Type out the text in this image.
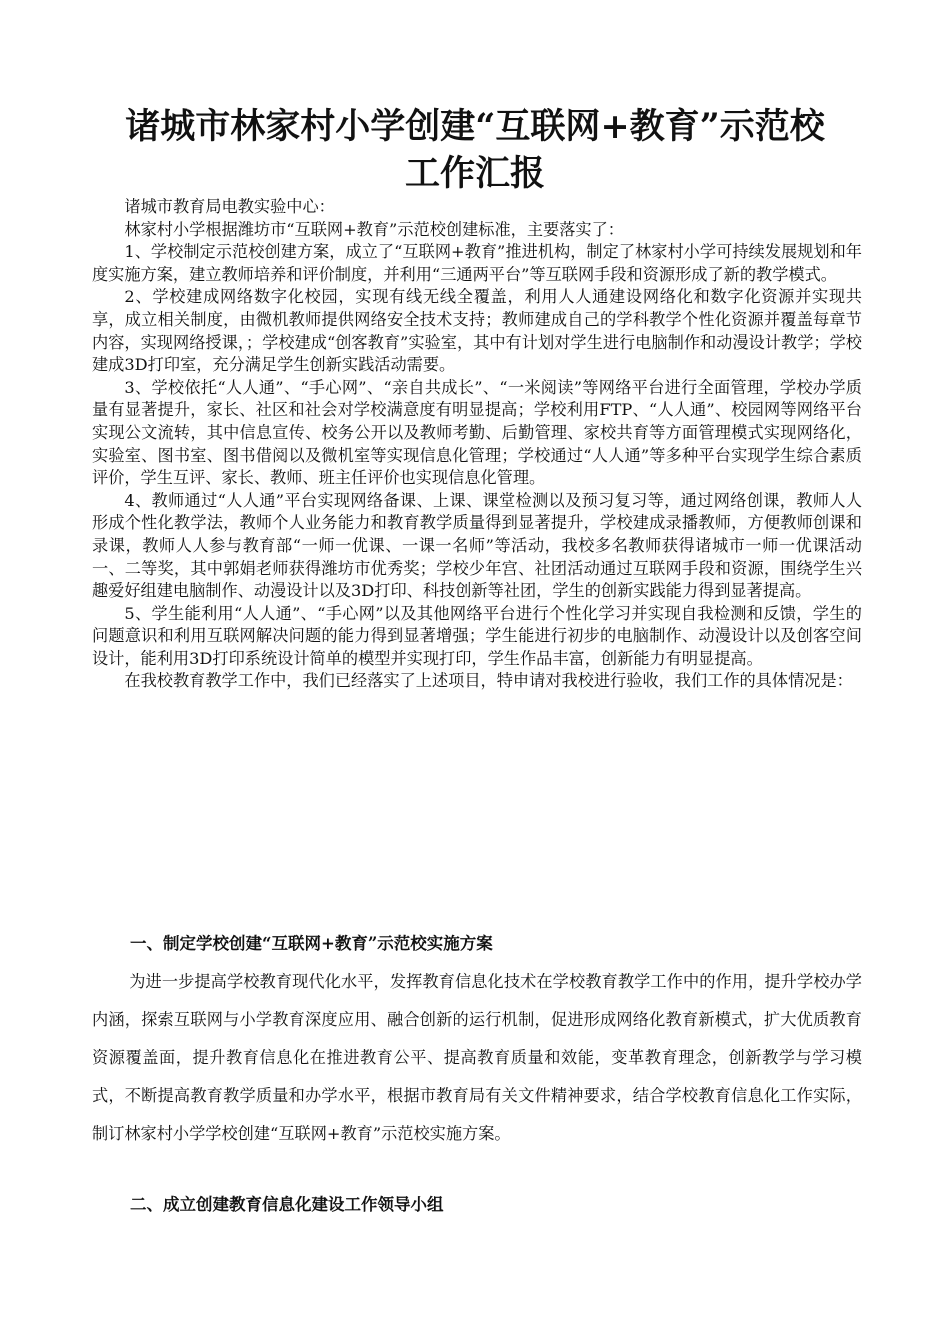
诸城市林家村小学创建“互联网+教育”示范校
工作汇报

诸城市教育局电教实验中心：

林家村小学根据潍坊市“互联网+教育”示范校创建标准，主要落实了：

1、学校制定示范校创建方案，成立了“互联网+教育”推进机构，制定了林家村小学可持续发展规划和年度实施方案，建立教师培养和评价制度，并利用“三通两平台”等互联网手段和资源形成了新的教学模式。

2、学校建成网络数字化校园，实现有线无线全覆盖，利用人人通建设网络化和数字化资源并实现共享，成立相关制度，由微机教师提供网络安全技术支持；教师建成自己的学科教学个性化资源并覆盖每章节内容，实现网络授课，；学校建成“创客教育”实验室，其中有计划对学生进行电脑制作和动漫设计教学；学校建成3D打印室，充分满足学生创新实践活动需要。

3、学校依托“人人通”、“手心网”、“亲自共成长”、“一米阅读”等网络平台进行全面管理，学校办学质量有显著提升，家长、社区和社会对学校满意度有明显提高；学校利用FTP、“人人通”、校园网等网络平台实现公文流转，其中信息宣传、校务公开以及教师考勤、后勤管理、家校共育等方面管理模式实现网络化，实验室、图书室、图书借阅以及微机室等实现信息化管理；学校通过“人人通”等多种平台实现学生综合素质评价，学生互评、家长、教师、班主任评价也实现信息化管理。

4、教师通过“人人通”平台实现网络备课、上课、课堂检测以及预习复习等，通过网络创课，教师人人形成个性化教学法，教师个人业务能力和教育教学质量得到显著提升，学校建成录播教师，方便教师创课和录课，教师人人参与教育部“一师一优课、一课一名师”等活动，我校多名教师获得诸城市一师一优课活动一、二等奖，其中郭娟老师获得潍坊市优秀奖；学校少年宫、社团活动通过互联网手段和资源，围绕学生兴趣爱好组建电脑制作、动漫设计以及3D打印、科技创新等社团，学生的创新实践能力得到显著提高。

5、学生能利用“人人通”、“手心网”以及其他网络平台进行个性化学习并实现自我检测和反馈，学生的问题意识和利用互联网解决问题的能力得到显著增强；学生能进行初步的电脑制作、动漫设计以及创客空间设计，能利用3D打印系统设计简单的模型并实现打印，学生作品丰富，创新能力有明显提高。

在我校教育教学工作中，我们已经落实了上述项目，特申请对我校进行验收，我们工作的具体情况是：

一、制定学校创建“互联网+教育”示范校实施方案

为进一步提高学校教育现代化水平，发挥教育信息化技术在学校教育教学工作中的作用，提升学校办学内涵，探索互联网与小学教育深度应用、融合创新的运行机制，促进形成网络化教育新模式，扩大优质教育资源覆盖面，提升教育信息化在推进教育公平、提高教育质量和效能，变革教育理念，创新教学与学习模式，不断提高教育教学质量和办学水平，根据市教育局有关文件精神要求，结合学校教育信息化工作实际，制订林家村小学学校创建“互联网+教育”示范校实施方案。

二、成立创建教育信息化建设工作领导小组
